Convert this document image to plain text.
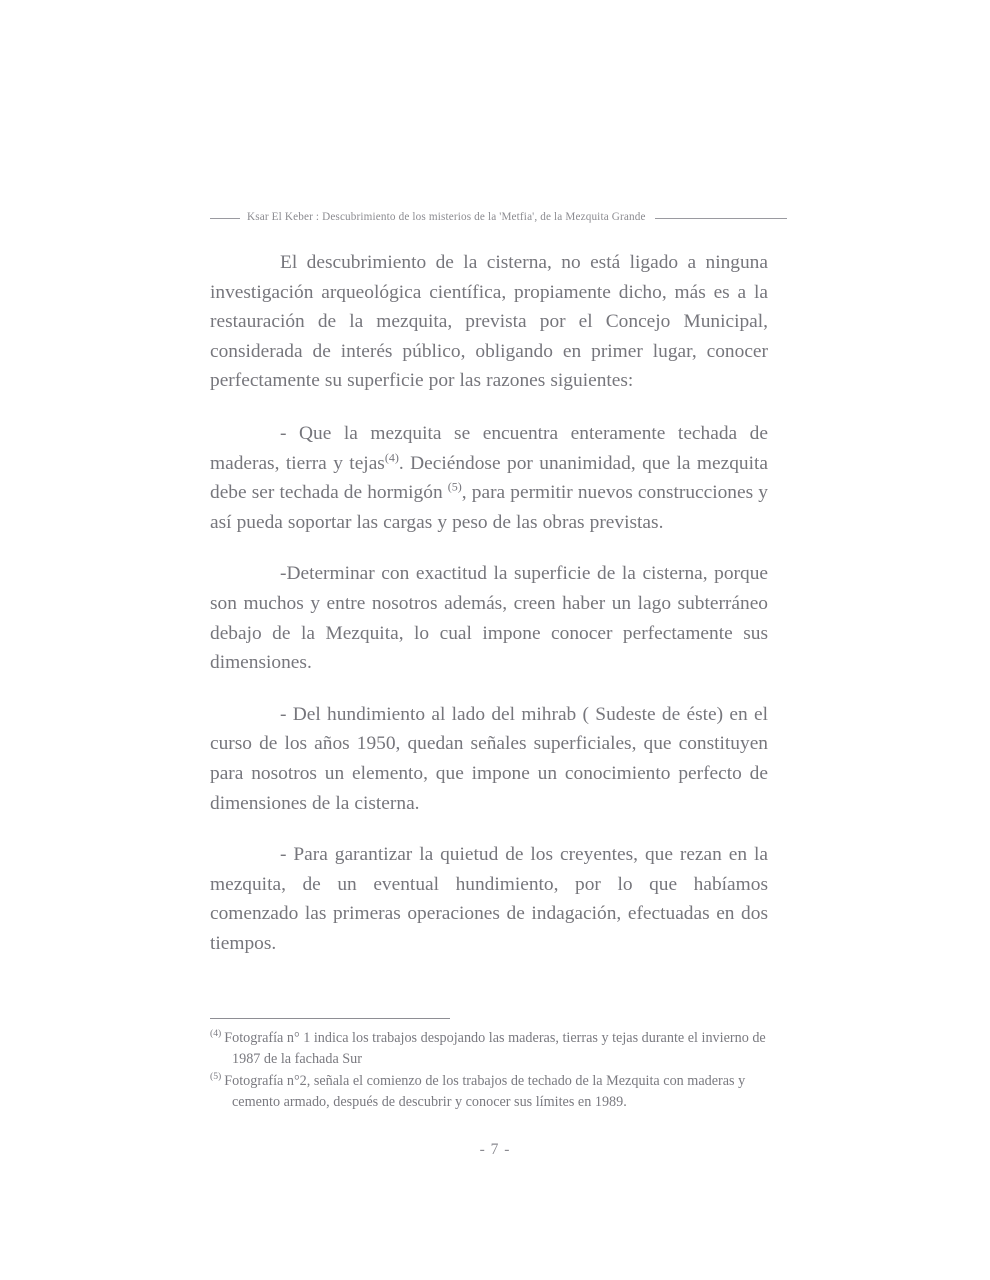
Ksar El Keber : Descubrimiento de los misterios de la 'Metfia', de la Mezquita Grande

El descubrimiento de la cisterna, no está ligado a ninguna investigación arqueológica científica, propiamente dicho, más es a la restauración de la mezquita, prevista por el Concejo Municipal, considerada de interés público, obligando en primer lugar, conocer perfectamente su superficie por las razones siguientes:

- Que la mezquita se encuentra enteramente techada de maderas, tierra y tejas$^{(4)}$. Deciéndose por unanimidad, que la mezquita debe ser techada de hormigón $^{(5)}$, para permitir nuevos construcciones y así pueda soportar las cargas y peso de las obras previstas.

-Determinar con exactitud la superficie de la cisterna, porque son muchos y entre nosotros además, creen haber un lago subterráneo debajo de la Mezquita, lo cual impone conocer perfectamente sus dimensiones.

- Del hundimiento al lado del mihrab ( Sudeste de éste) en el curso de los años 1950, quedan señales superficiales, que constituyen para nosotros un elemento, que impone un conocimiento perfecto de dimensiones de la cisterna.

- Para garantizar la quietud de los creyentes, que rezan en la mezquita, de un eventual hundimiento, por lo que habíamos comenzado las primeras operaciones de indagación, efectuadas en dos tiempos.

$^{(4)}$ Fotografía n° 1 indica los trabajos despojando las maderas, tierras y tejas durante el invierno de 1987 de la fachada Sur
$^{(5)}$ Fotografía n°2, señala el comienzo de los trabajos de techado de la Mezquita con maderas y cemento armado, después de descubrir y conocer sus límites en 1989.
- 7 -
